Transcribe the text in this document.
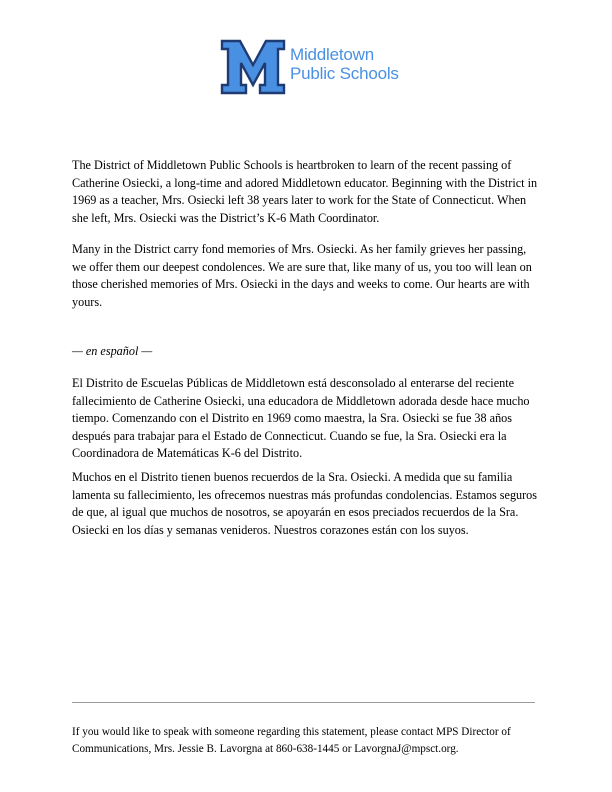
Middletown
Public Schools

The District of Middletown Public Schools is heartbroken to learn of the recent passing of Catherine Osiecki, a long-time and adored Middletown educator. Beginning with the District in 1969 as a teacher, Mrs. Osiecki left 38 years later to work for the State of Connecticut. When she left, Mrs. Osiecki was the District’s K-6 Math Coordinator.

Many in the District carry fond memories of Mrs. Osiecki. As her family grieves her passing, we offer them our deepest condolences. We are sure that, like many of us, you too will lean on those cherished memories of Mrs. Osiecki in the days and weeks to come. Our hearts are with yours.

— en español —

El Distrito de Escuelas Públicas de Middletown está desconsolado al enterarse del reciente fallecimiento de Catherine Osiecki, una educadora de Middletown adorada desde hace mucho tiempo. Comenzando con el Distrito en 1969 como maestra, la Sra. Osiecki se fue 38 años después para trabajar para el Estado de Connecticut. Cuando se fue, la Sra. Osiecki era la Coordinadora de Matemáticas K-6 del Distrito.

Muchos en el Distrito tienen buenos recuerdos de la Sra. Osiecki. A medida que su familia lamenta su fallecimiento, les ofrecemos nuestras más profundas condolencias. Estamos seguros de que, al igual que muchos de nosotros, se apoyarán en esos preciados recuerdos de la Sra. Osiecki en los días y semanas venideros. Nuestros corazones están con los suyos.

If you would like to speak with someone regarding this statement, please contact MPS Director of Communications, Mrs. Jessie B. Lavorgna at 860-638-1445 or LavorgnaJ@mpsct.org.
